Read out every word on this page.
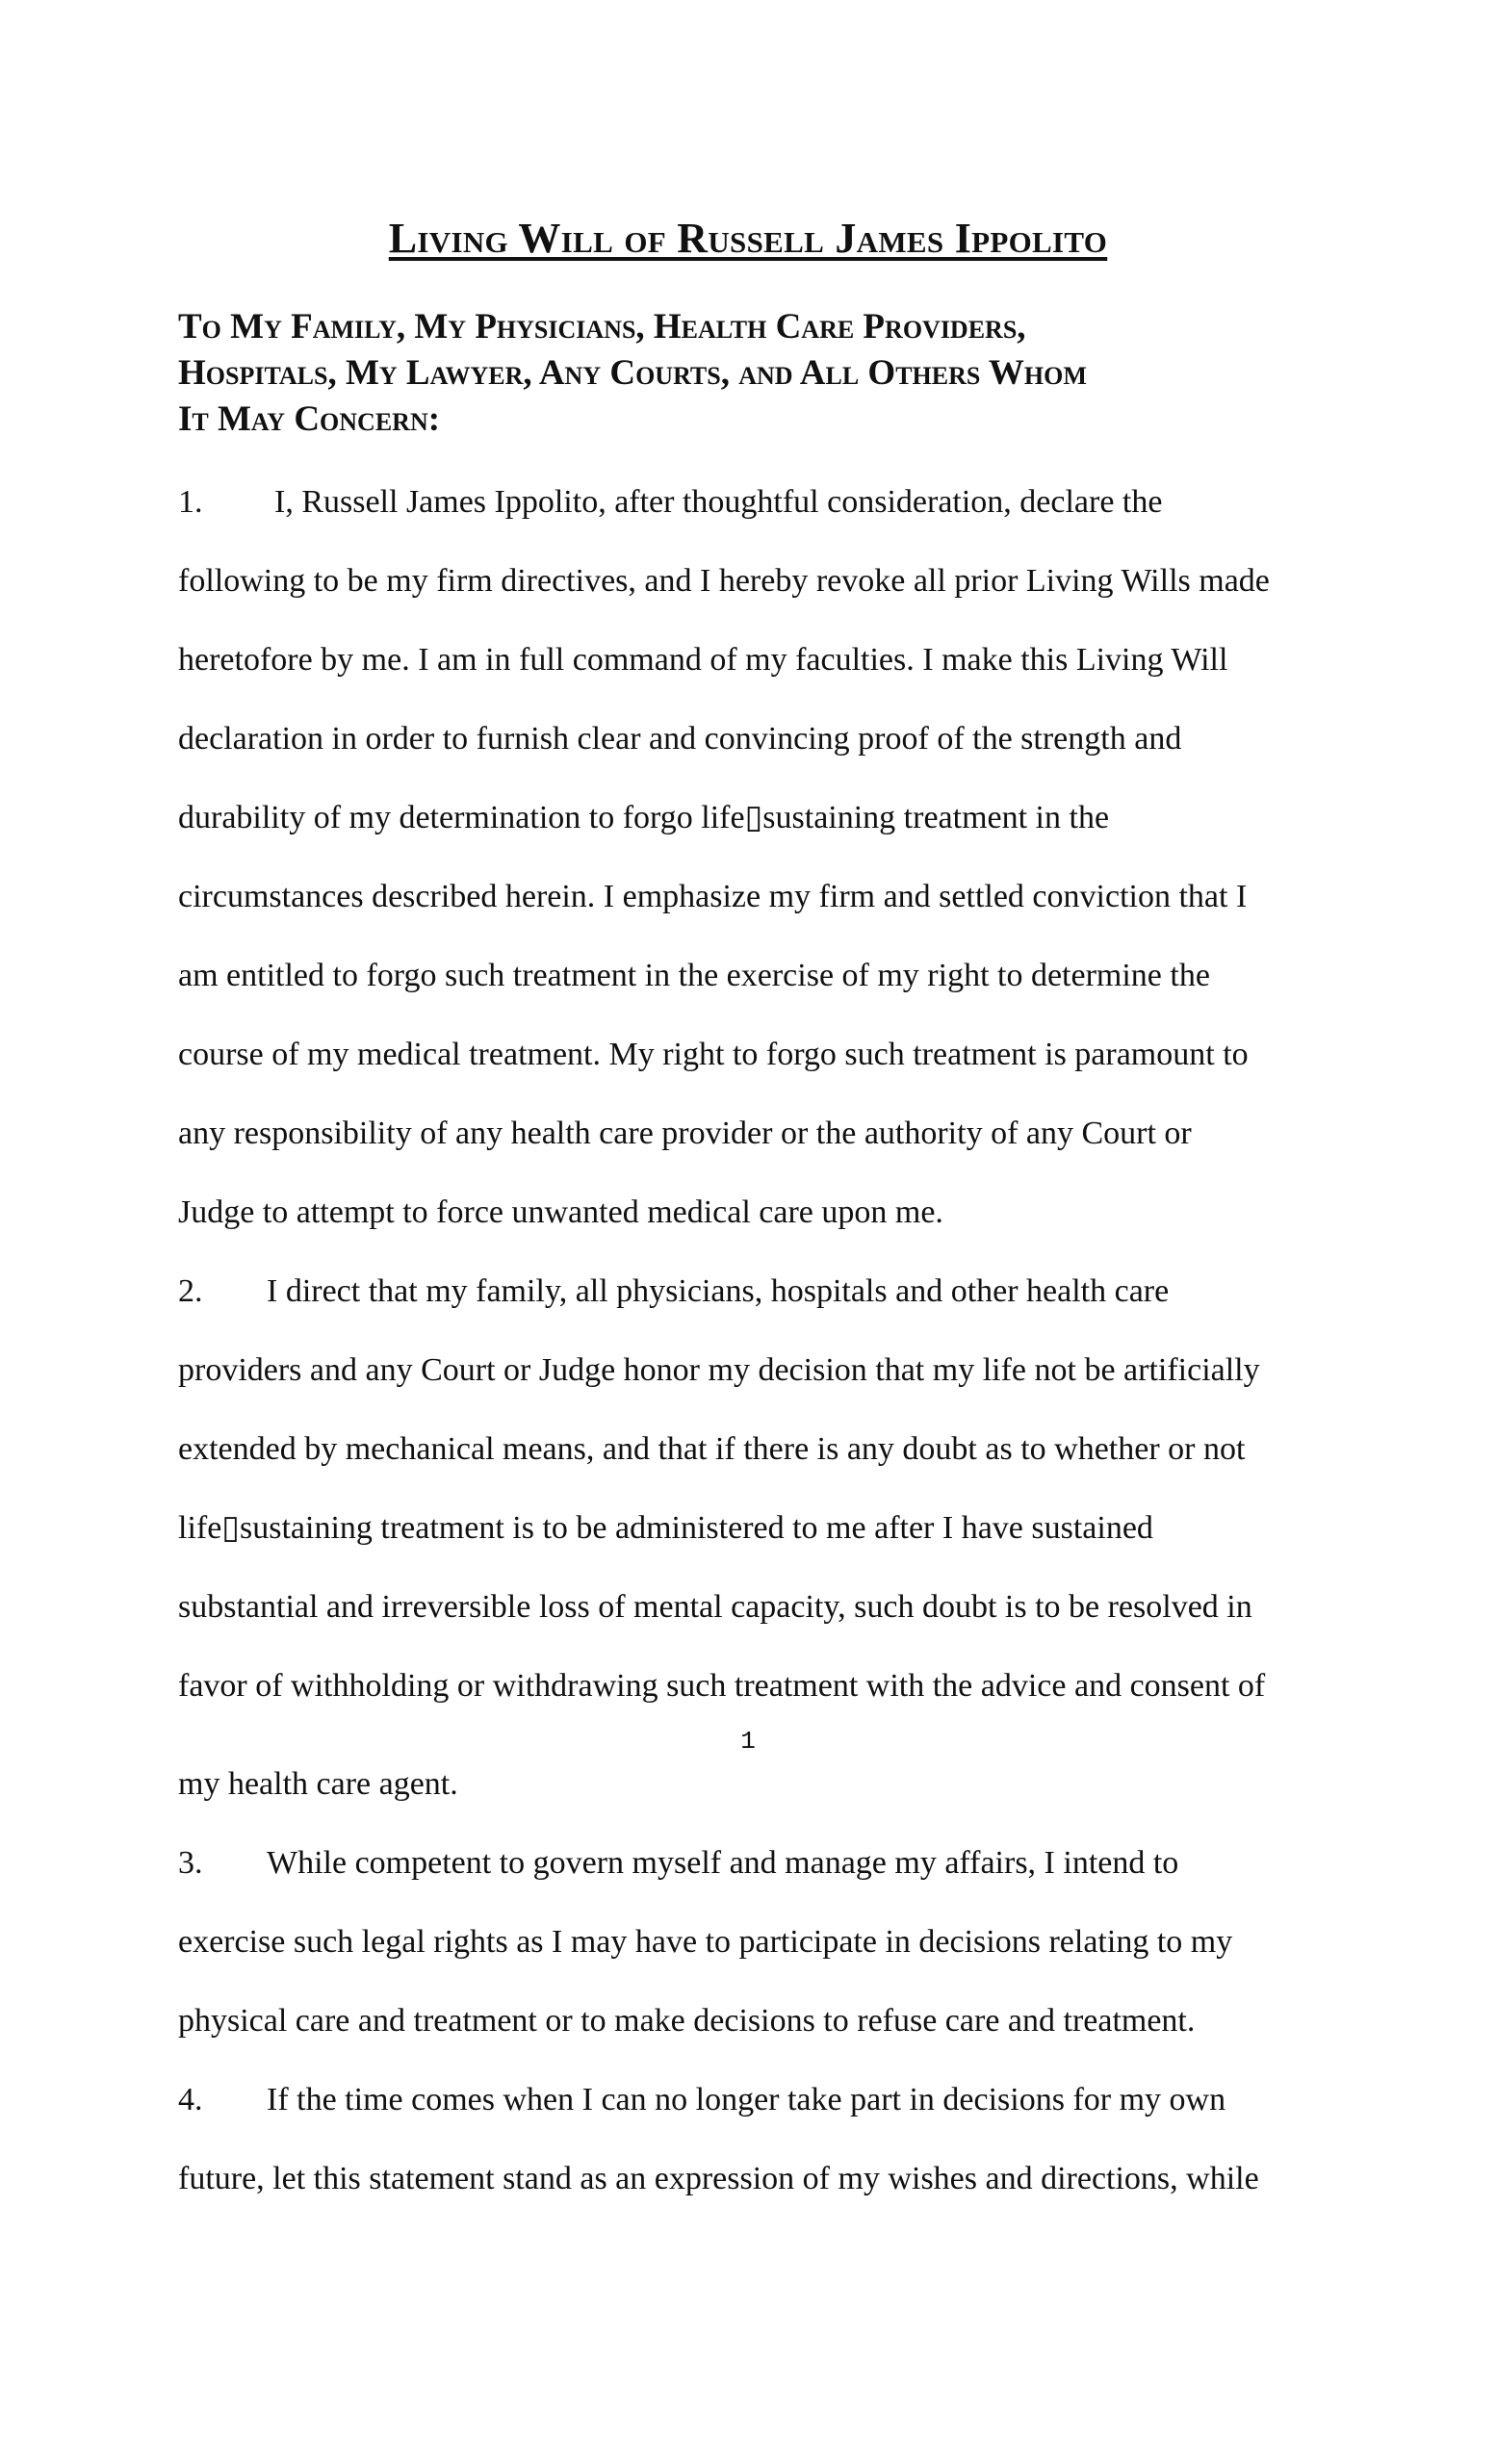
Living Will of Russell James Ippolito
To My Family, My Physicians, Health Care Providers,
Hospitals, My Lawyer, Any Courts, and All Others Whom
It May Concern:
1. I, Russell James Ippolito, after thoughtful consideration, declare the
following to be my firm directives, and I hereby revoke all prior Living Wills made
heretofore by me. I am in full command of my faculties. I make this Living Will
declaration in order to furnish clear and convincing proof of the strength and
durability of my determination to forgo life▯sustaining treatment in the
circumstances described herein. I emphasize my firm and settled conviction that I
am entitled to forgo such treatment in the exercise of my right to determine the
course of my medical treatment. My right to forgo such treatment is paramount to
any responsibility of any health care provider or the authority of any Court or
Judge to attempt to force unwanted medical care upon me.
2. I direct that my family, all physicians, hospitals and other health care
providers and any Court or Judge honor my decision that my life not be artificially
extended by mechanical means, and that if there is any doubt as to whether or not
life▯sustaining treatment is to be administered to me after I have sustained
substantial and irreversible loss of mental capacity, such doubt is to be resolved in
favor of withholding or withdrawing such treatment with the advice and consent of
1
my health care agent.
3. While competent to govern myself and manage my affairs, I intend to
exercise such legal rights as I may have to participate in decisions relating to my
physical care and treatment or to make decisions to refuse care and treatment.
4. If the time comes when I can no longer take part in decisions for my own
future, let this statement stand as an expression of my wishes and directions, while
